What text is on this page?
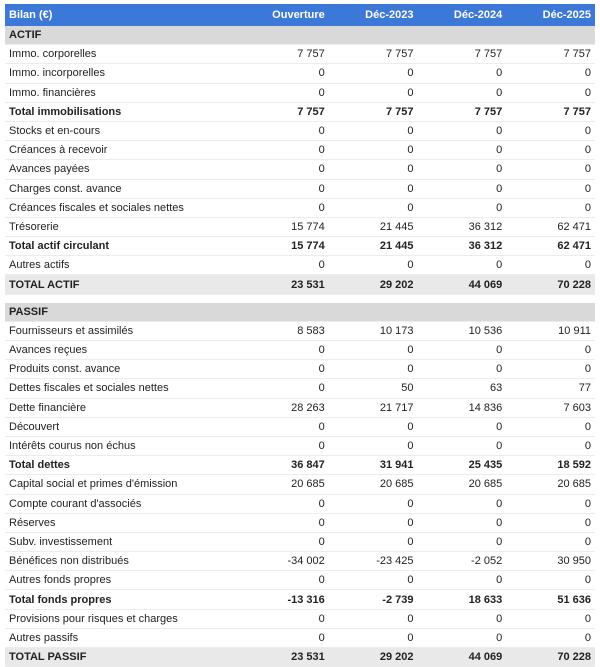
Bilan (€)	Ouverture	Déc-2023	Déc-2024	Déc-2025
ACTIF				
Immo. corporelles	7 757	7 757	7 757	7 757
Immo. incorporelles	0	0	0	0
Immo. financières	0	0	0	0
Total immobilisations	7 757	7 757	7 757	7 757
Stocks et en-cours	0	0	0	0
Créances à recevoir	0	0	0	0
Avances payées	0	0	0	0
Charges const. avance	0	0	0	0
Créances fiscales et sociales nettes	0	0	0	0
Trésorerie	15 774	21 445	36 312	62 471
Total actif circulant	15 774	21 445	36 312	62 471
Autres actifs	0	0	0	0
TOTAL ACTIF	23 531	29 202	44 069	70 228

PASSIF				
Fournisseurs et assimilés	8 583	10 173	10 536	10 911
Avances reçues	0	0	0	0
Produits const. avance	0	0	0	0
Dettes fiscales et sociales nettes	0	50	63	77
Dette financière	28 263	21 717	14 836	7 603
Découvert	0	0	0	0
Intérêts courus non échus	0	0	0	0
Total dettes	36 847	31 941	25 435	18 592
Capital social et primes d'émission	20 685	20 685	20 685	20 685
Compte courant d'associés	0	0	0	0
Réserves	0	0	0	0
Subv. investissement	0	0	0	0
Bénéfices non distribués	-34 002	-23 425	-2 052	30 950
Autres fonds propres	0	0	0	0
Total fonds propres	-13 316	-2 739	18 633	51 636
Provisions pour risques et charges	0	0	0	0
Autres passifs	0	0	0	0
TOTAL PASSIF	23 531	29 202	44 069	70 228
